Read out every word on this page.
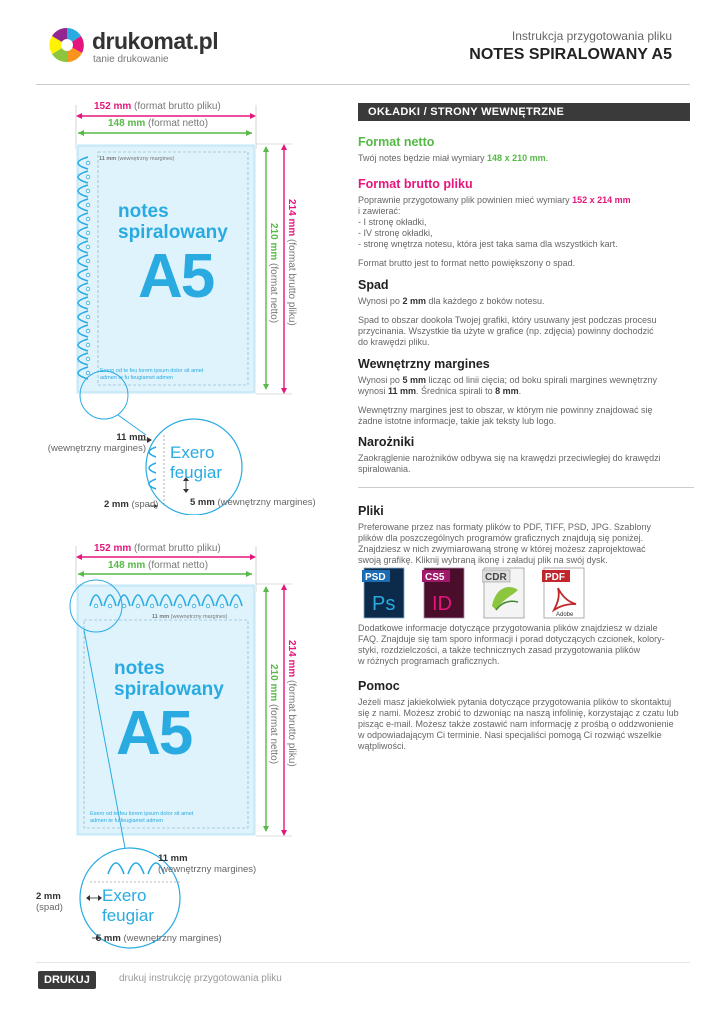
drukomat.pl
tanie drukowanie
Instrukcja przygotowania pliku
NOTES SPIRALOWANY A5
152 mm (format brutto pliku)
148 mm (format netto)
11 mm (wewnętrzny margines)
notes
spiralowany
A5
Exero od te feu lorem ipsum dolor sit amet
admen te fu feugiamet admen
214 mm (format brutto pliku)
210 mm (format netto)
11 mm
(wewnętrzny margines) Exero
feugiar
2 mm (spad)	5 mm (wewnętrzny margines)
152 mm (format brutto pliku)
148 mm (format netto)
11 mm (wewnętrzny margines)
notes
spiralowany
A5
Exero od te feu lorem ipsum dolor sit amet
admen te fu feugiamet admen
214 mm (format brutto pliku)
210 mm (format netto)
11 mm
(wewnętrzny margines)
Exero
feugiar
2 mm
(spad)
5 mm (wewnętrzny margines)
OKŁADKI / STRONY WEWNĘTRZNE
Format netto
Twój notes będzie miał wymiary 148 x 210 mm.
Format brutto pliku
Poprawnie przygotowany plik powinien mieć wymiary 152 x 214 mm
i zawierać:
- I stronę okładki,
- IV stronę okładki,
- stronę wnętrza notesu, która jest taka sama dla wszystkich kart.
Format brutto jest to format netto powiększony o spad.
Spad
Wynosi po 2 mm dla każdego z boków notesu.
Spad to obszar dookoła Twojej grafiki, który usuwany jest podczas procesu
przycinania. Wszystkie tła użyte w grafice (np. zdjęcia) powinny dochodzić
do krawędzi pliku.
Wewnętrzny margines
Wynosi po 5 mm licząc od linii cięcia; od boku spirali margines wewnętrzny
wynosi 11 mm. Średnica spirali to 8 mm.
Wewnętrzny margines jest to obszar, w którym nie powinny znajdować się
żadne istotne informacje, takie jak teksty lub logo.
Narożniki
Zaokrąglenie narożników odbywa się na krawędzi przeciwległej do krawędzi
spiralowania.
Pliki
Preferowane przez nas formaty plików to PDF, TIFF, PSD, JPG. Szablony
plików dla poszczególnych programów graficznych znajdują się poniżej.
Znajdziesz w nich zwymiarowaną stronę w której możesz zaprojektować
swoją grafikę. Kliknij wybraną ikonę i załaduj plik na swój dysk.
PSD
Ps
CS5
ID
CDR	PDF
Adobe
Dodatkowe informacje dotyczące przygotowania plików znajdziesz w dziale
FAQ. Znajduje się tam sporo informacji i porad dotyczących czcionek, kolory-
styki, rozdzielczości, a także technicznych zasad przygotowania plików
w różnych programach graficznych.
Pomoc
Jeżeli masz jakiekolwiek pytania dotyczące przygotowania plików to skontaktuj
się z nami. Możesz zrobić to dzwoniąc na naszą infolinię, korzystając z czatu lub
pisząc e-mail. Możesz także zostawić nam informację z prośbą o oddzwonienie
w odpowiadającym Ci terminie. Nasi specjaliści pomogą Ci rozwiąć wszelkie
wątpliwości.
DRUKUJ	drukuj instrukcję przygotowania pliku
